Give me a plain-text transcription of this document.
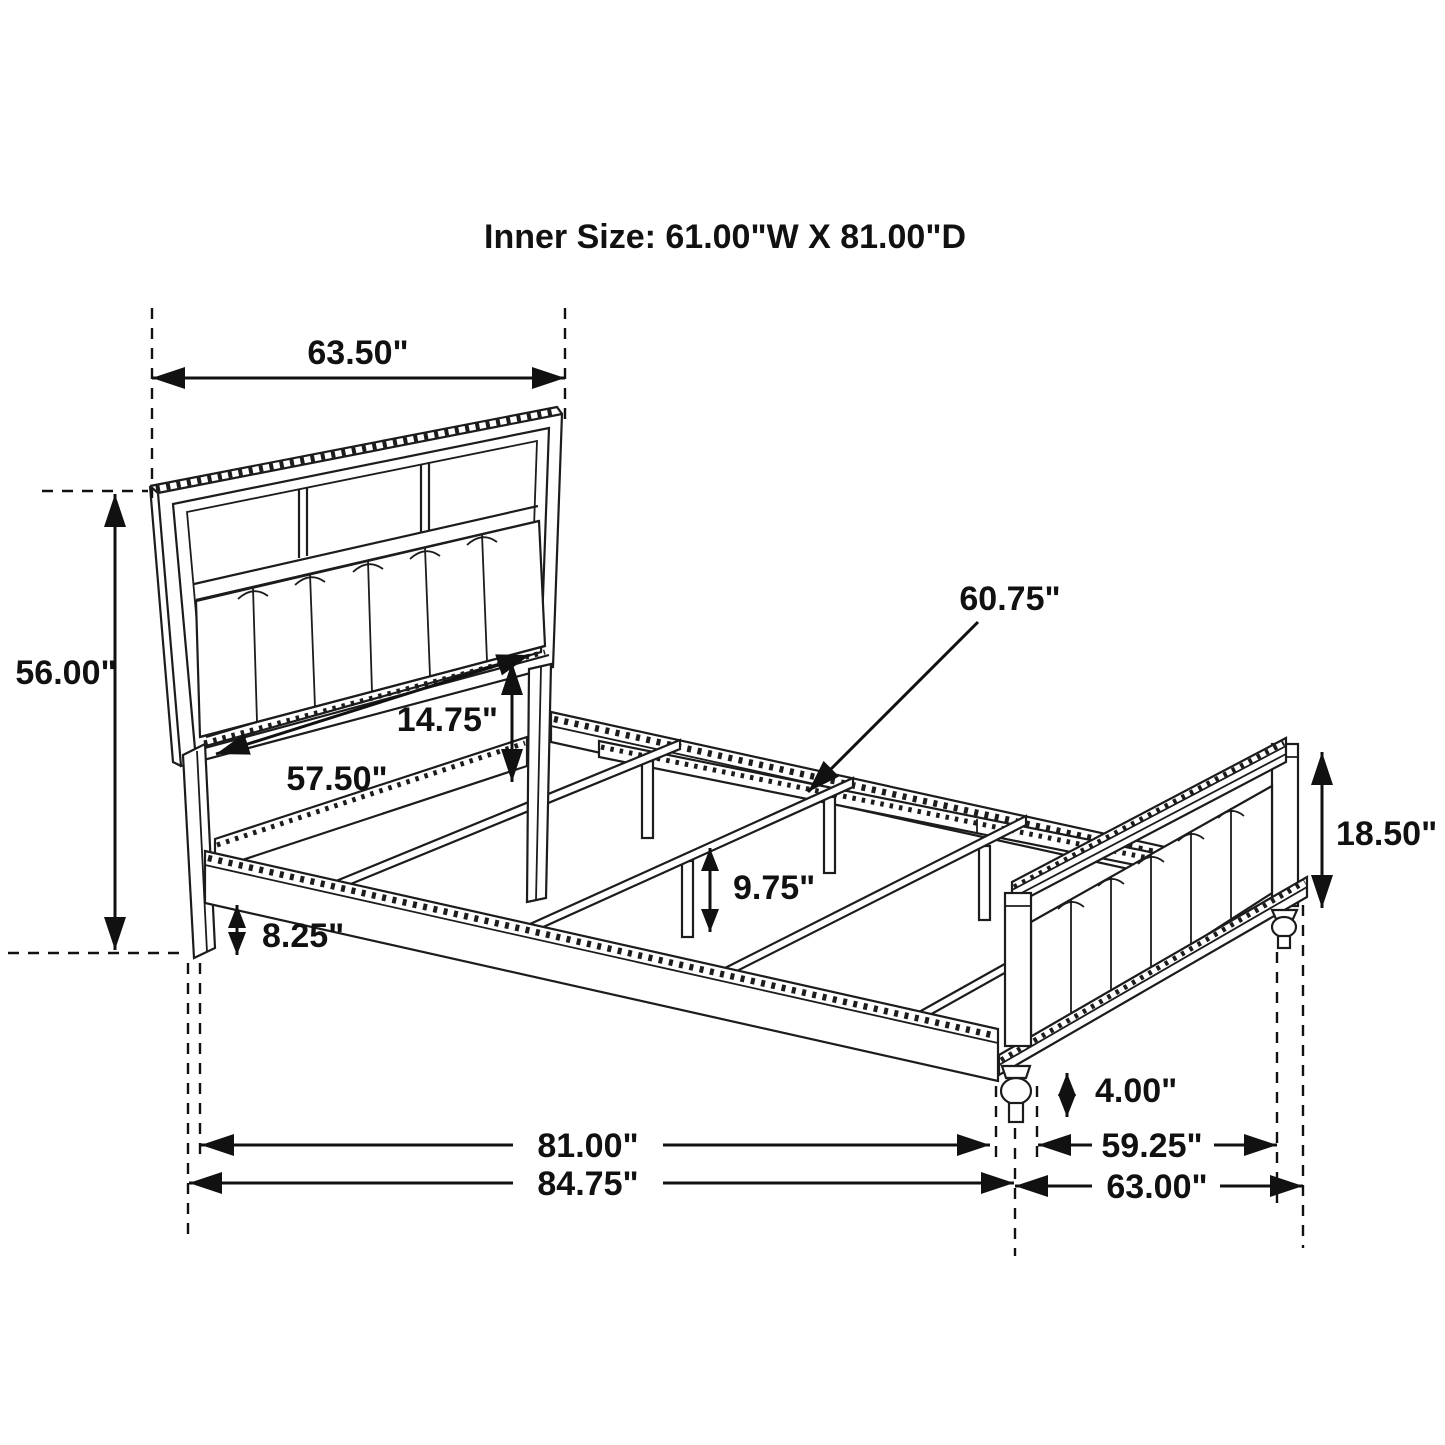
Inner Size: 61.00"W X 81.00"D
63.50"
56.00"
57.50"
14.75"
60.75"
9.75"
8.25"
18.50"
4.00"
81.00"
84.75"
59.25"
63.00"
